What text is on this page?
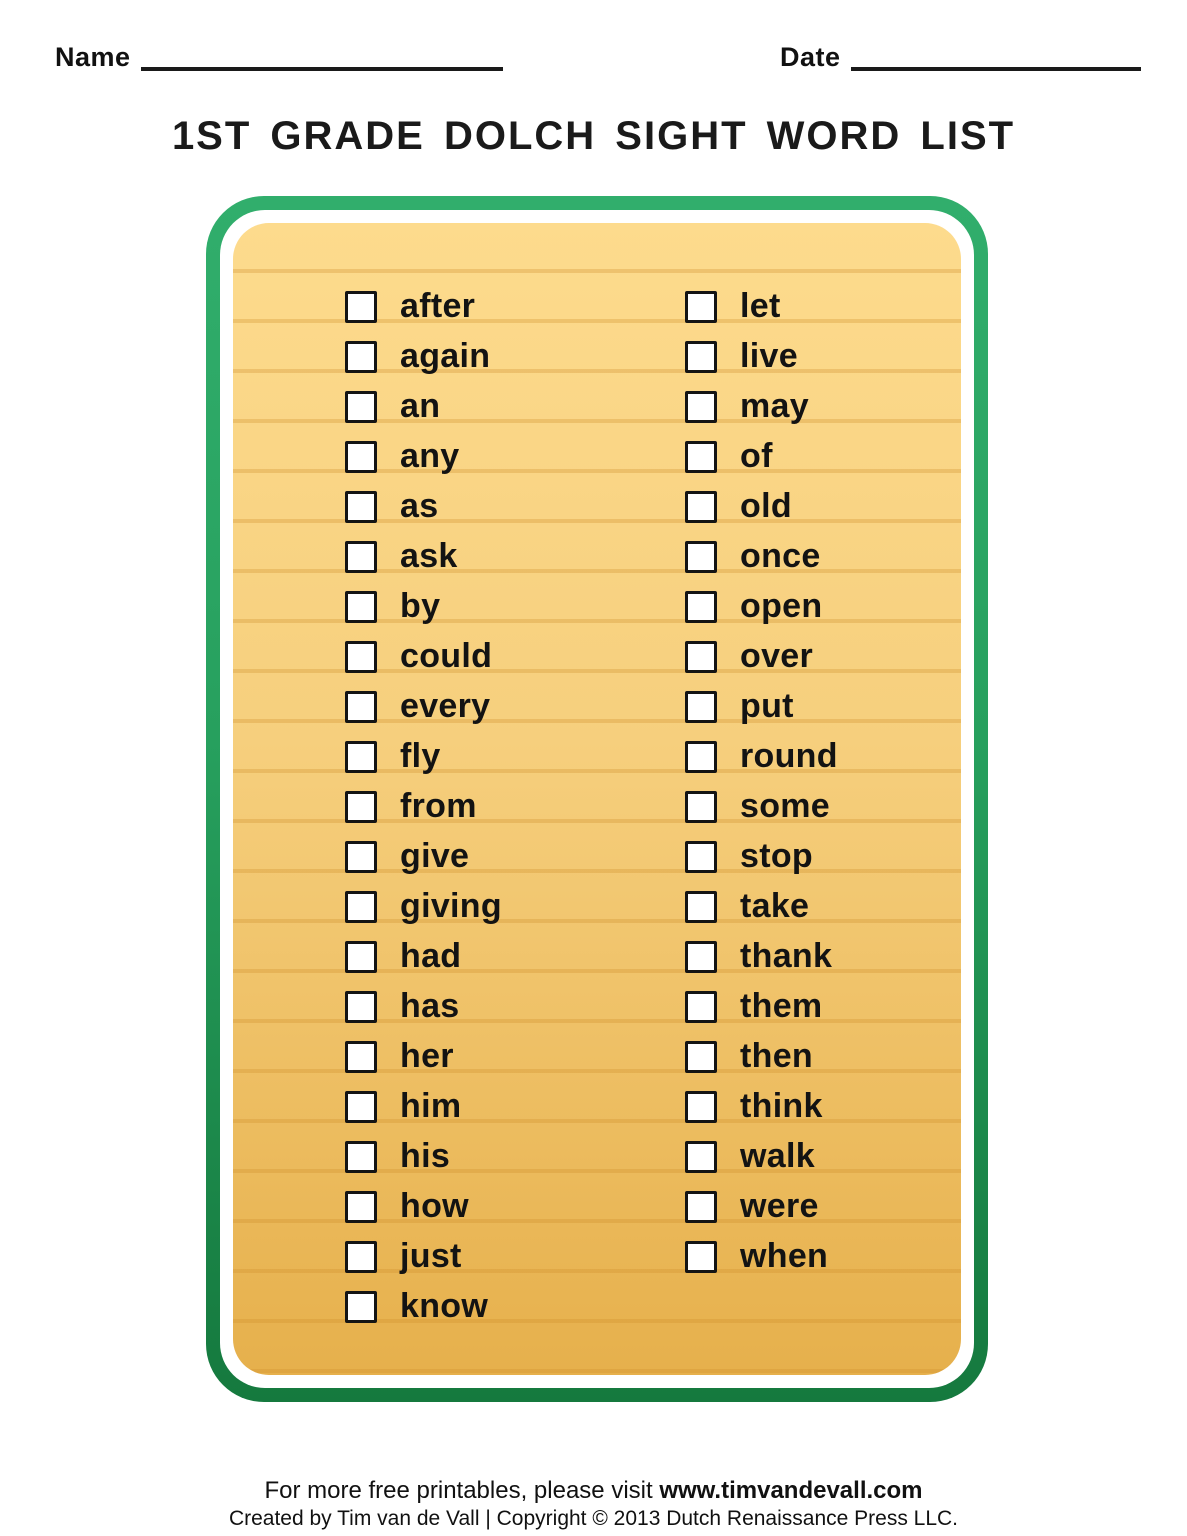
Name	Date
1ST GRADE DOLCH SIGHT WORD LIST
after
again
an
any
as
ask
by
could
every
fly
from
give
giving
had
has
her
him
his
how
just
know
let
live
may
of
old
once
open
over
put
round
some
stop
take
thank
them
then
think
walk
were
when
For more free printables, please visit www.timvandevall.com
Created by Tim van de Vall | Copyright © 2013 Dutch Renaissance Press LLC.
